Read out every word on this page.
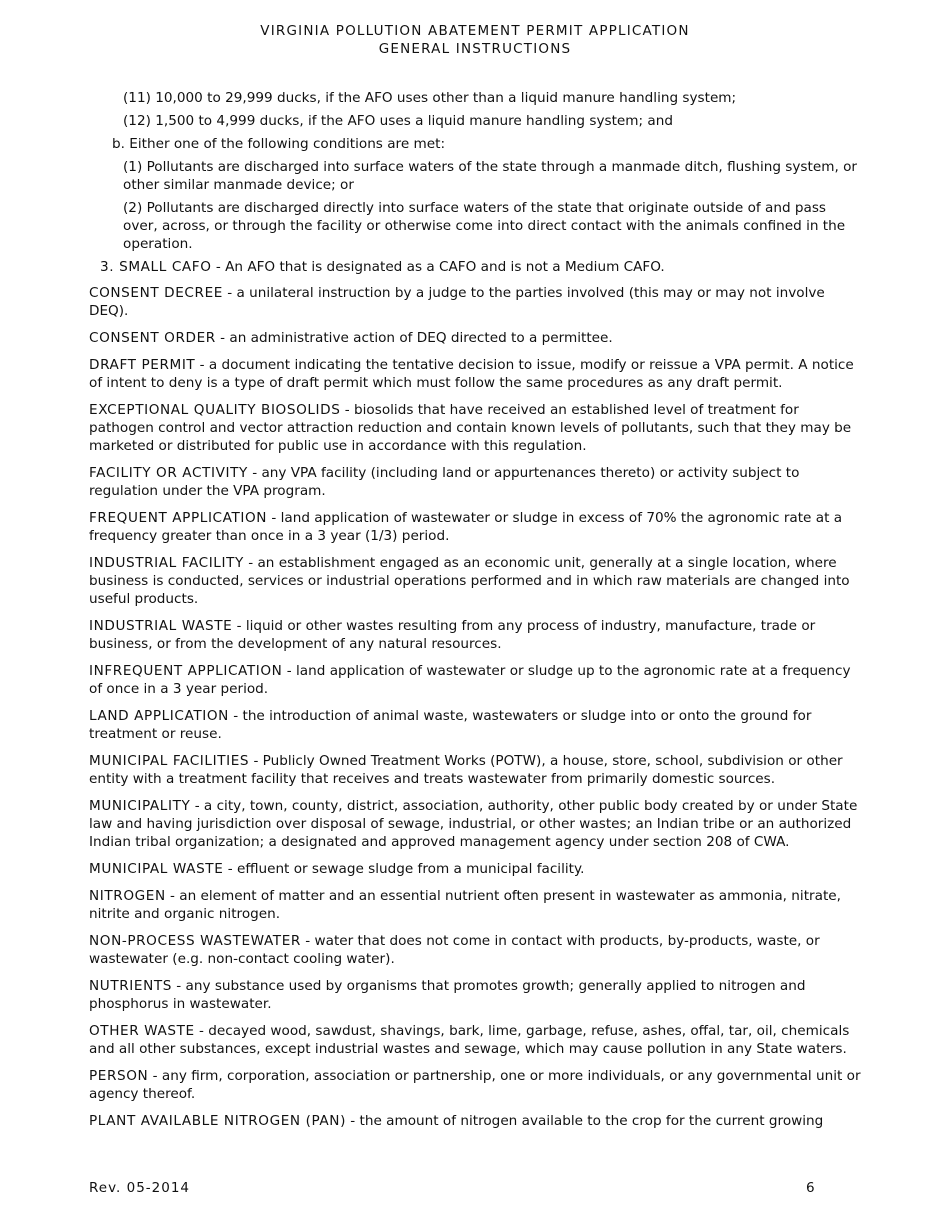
VIRGINIA POLLUTION ABATEMENT PERMIT APPLICATION
GENERAL INSTRUCTIONS

(11) 10,000 to 29,999 ducks, if the AFO uses other than a liquid manure handling system;

(12) 1,500 to 4,999 ducks, if the AFO uses a liquid manure handling system; and

b. Either one of the following conditions are met:

(1) Pollutants are discharged into surface waters of the state through a manmade ditch, flushing system, or other similar manmade device; or

(2) Pollutants are discharged directly into surface waters of the state that originate outside of and pass over, across, or through the facility or otherwise come into direct contact with the animals confined in the operation.

3. SMALL CAFO - An AFO that is designated as a CAFO and is not a Medium CAFO.

CONSENT DECREE - a unilateral instruction by a judge to the parties involved (this may or may not involve DEQ).

CONSENT ORDER - an administrative action of DEQ directed to a permittee.

DRAFT PERMIT - a document indicating the tentative decision to issue, modify or reissue a VPA permit. A notice of intent to deny is a type of draft permit which must follow the same procedures as any draft permit.

EXCEPTIONAL QUALITY BIOSOLIDS - biosolids that have received an established level of treatment for pathogen control and vector attraction reduction and contain known levels of pollutants, such that they may be marketed or distributed for public use in accordance with this regulation.

FACILITY OR ACTIVITY - any VPA facility (including land or appurtenances thereto) or activity subject to regulation under the VPA program.

FREQUENT APPLICATION - land application of wastewater or sludge in excess of 70% the agronomic rate at a frequency greater than once in a 3 year (1/3) period.

INDUSTRIAL FACILITY - an establishment engaged as an economic unit, generally at a single location, where business is conducted, services or industrial operations performed and in which raw materials are changed into useful products.

INDUSTRIAL WASTE - liquid or other wastes resulting from any process of industry, manufacture, trade or business, or from the development of any natural resources.

INFREQUENT APPLICATION - land application of wastewater or sludge up to the agronomic rate at a frequency of once in a 3 year period.

LAND APPLICATION - the introduction of animal waste, wastewaters or sludge into or onto the ground for treatment or reuse.

MUNICIPAL FACILITIES - Publicly Owned Treatment Works (POTW), a house, store, school, subdivision or other entity with a treatment facility that receives and treats wastewater from primarily domestic sources.

MUNICIPALITY - a city, town, county, district, association, authority, other public body created by or under State law and having jurisdiction over disposal of sewage, industrial, or other wastes; an Indian tribe or an authorized Indian tribal organization; a designated and approved management agency under section 208 of CWA.

MUNICIPAL WASTE - effluent or sewage sludge from a municipal facility.

NITROGEN - an element of matter and an essential nutrient often present in wastewater as ammonia, nitrate, nitrite and organic nitrogen.

NON-PROCESS WASTEWATER - water that does not come in contact with products, by-products, waste, or wastewater (e.g. non-contact cooling water).

NUTRIENTS - any substance used by organisms that promotes growth; generally applied to nitrogen and phosphorus in wastewater.

OTHER WASTE - decayed wood, sawdust, shavings, bark, lime, garbage, refuse, ashes, offal, tar, oil, chemicals and all other substances, except industrial wastes and sewage, which may cause pollution in any State waters.

PERSON - any firm, corporation, association or partnership, one or more individuals, or any governmental unit or agency thereof.

PLANT AVAILABLE NITROGEN (PAN) - the amount of nitrogen available to the crop for the current growing

Rev. 05-2014	6
